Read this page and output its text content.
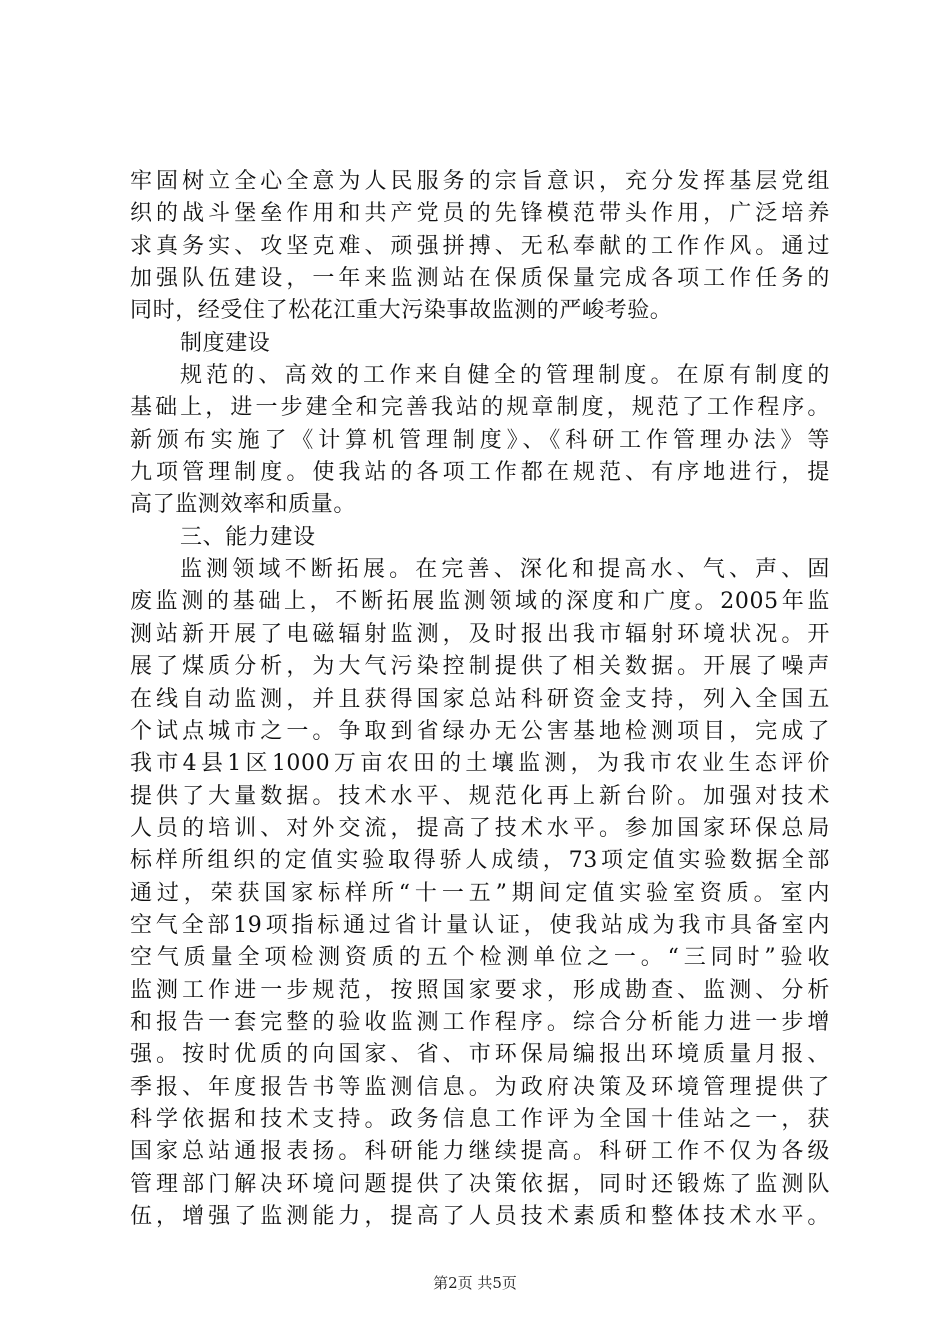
牢固树立全心全意为人民服务的宗旨意识，充分发挥基层党组
织的战斗堡垒作用和共产党员的先锋模范带头作用，广泛培养
求真务实、攻坚克难、顽强拼搏、无私奉献的工作作风。通过
加强队伍建设，一年来监测站在保质保量完成各项工作任务的
同时，经受住了松花江重大污染事故监测的严峻考验。
制度建设
规范的、高效的工作来自健全的管理制度。在原有制度的
基础上，进一步建全和完善我站的规章制度，规范了工作程序。
新颁布实施了《计算机管理制度》、《科研工作管理办法》等
九项管理制度。使我站的各项工作都在规范、有序地进行，提
高了监测效率和质量。
三、能力建设
监测领域不断拓展。在完善、深化和提高水、气、声、固
废监测的基础上，不断拓展监测领域的深度和广度。2005年监
测站新开展了电磁辐射监测，及时报出我市辐射环境状况。开
展了煤质分析，为大气污染控制提供了相关数据。开展了噪声
在线自动监测，并且获得国家总站科研资金支持，列入全国五
个试点城市之一。争取到省绿办无公害基地检测项目，完成了
我市4县1区1000万亩农田的土壤监测，为我市农业生态评价
提供了大量数据。技术水平、规范化再上新台阶。加强对技术
人员的培训、对外交流，提高了技术水平。参加国家环保总局
标样所组织的定值实验取得骄人成绩，73项定值实验数据全部
通过，荣获国家标样所“十一五”期间定值实验室资质。室内
空气全部19项指标通过省计量认证，使我站成为我市具备室内
空气质量全项检测资质的五个检测单位之一。“三同时”验收
监测工作进一步规范，按照国家要求，形成勘查、监测、分析
和报告一套完整的验收监测工作程序。综合分析能力进一步增
强。按时优质的向国家、省、市环保局编报出环境质量月报、
季报、年度报告书等监测信息。为政府决策及环境管理提供了
科学依据和技术支持。政务信息工作评为全国十佳站之一，获
国家总站通报表扬。科研能力继续提高。科研工作不仅为各级
管理部门解决环境问题提供了决策依据，同时还锻炼了监测队
伍，增强了监测能力，提高了人员技术素质和整体技术水平。
第2页 共5页
